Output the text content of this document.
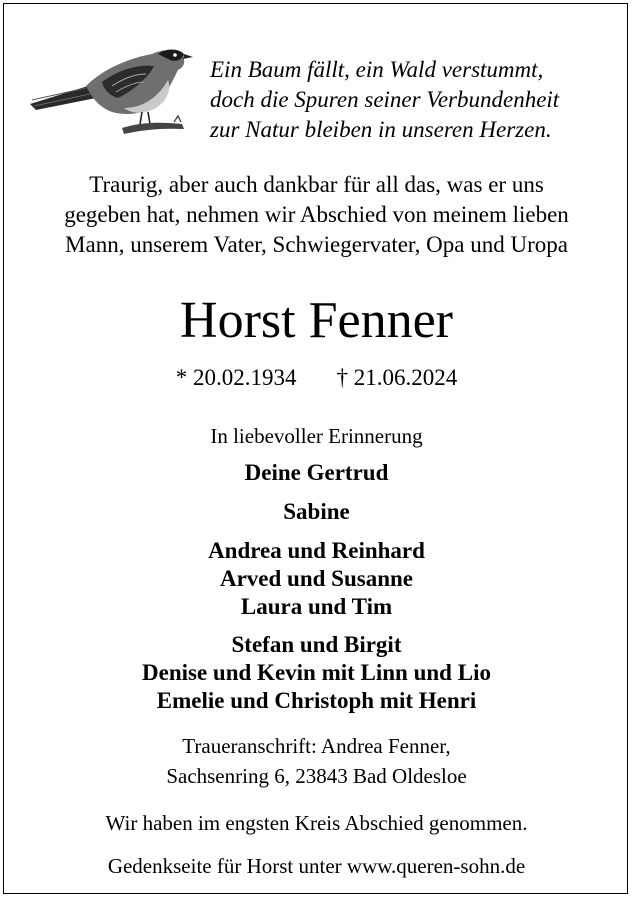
Ein Baum fällt, ein Wald verstummt,
doch die Spuren seiner Verbundenheit
zur Natur bleiben in unseren Herzen.
Traurig, aber auch dankbar für all das, was er uns
gegeben hat, nehmen wir Abschied von meinem lieben
Mann, unserem Vater, Schwiegervater, Opa und Uropa
Horst Fenner
* 20.02.1934 † 21.06.2024
In liebevoller Erinnerung
Deine Gertrud
Sabine
Andrea und Reinhard
Arved und Susanne
Laura und Tim
Stefan und Birgit
Denise und Kevin mit Linn und Lio
Emelie und Christoph mit Henri
Traueranschrift: Andrea Fenner,
Sachsenring 6, 23843 Bad Oldesloe
Wir haben im engsten Kreis Abschied genommen.
Gedenkseite für Horst unter www.queren-sohn.de
